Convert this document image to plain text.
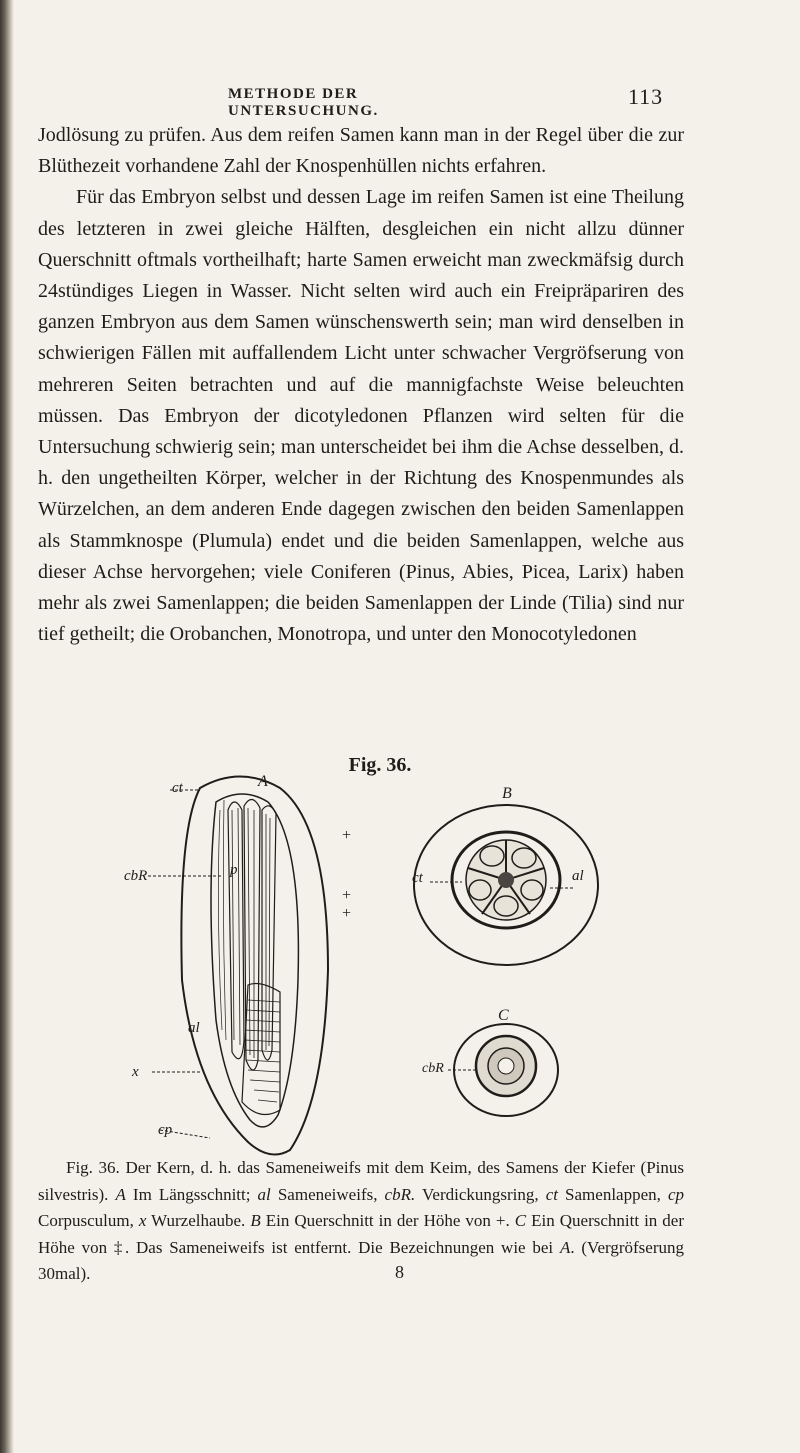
METHODE DER UNTERSUCHUNG.
113

Jodlösung zu prüfen. Aus dem reifen Samen kann man in der Regel über die zur Blüthezeit vorhandene Zahl der Knospenhüllen nichts erfahren.

Für das Embryon selbst und dessen Lage im reifen Samen ist eine Theilung des letzteren in zwei gleiche Hälften, desgleichen ein nicht allzu dünner Querschnitt oftmals vortheilhaft; harte Samen erweicht man zweckmäfsig durch 24stündiges Liegen in Wasser. Nicht selten wird auch ein Freipräpariren des ganzen Embryon aus dem Samen wünschenswerth sein; man wird denselben in schwierigen Fällen mit auffallendem Licht unter schwacher Vergröfserung von mehreren Seiten betrachten und auf die mannigfachste Weise beleuchten müssen. Das Embryon der dicotyledonen Pflanzen wird selten für die Untersuchung schwierig sein; man unterscheidet bei ihm die Achse desselben, d. h. den ungetheilten Körper, welcher in der Richtung des Knospenmundes als Würzelchen, an dem anderen Ende dagegen zwischen den beiden Samenlappen als Stammknospe (Plumula) endet und die beiden Samenlappen, welche aus dieser Achse hervorgehen; viele Coniferen (Pinus, Abies, Picea, Larix) haben mehr als zwei Samenlappen; die beiden Samenlappen der Linde (Tilia) sind nur tief getheilt; die Orobanchen, Monotropa, und unter den Monocotyledonen

Fig. 36.
A
ct
cbR	p
al
x
cp
+
+
+
B
ct	al
C
cbR
Fig. 36. Der Kern, d. h. das Sameneiweifs mit dem Keim, des Samens der Kiefer (Pinus silvestris). A Im Längsschnitt; al Sameneiweifs, cbR. Verdickungsring, ct Samenlappen, cp Corpusculum, x Wurzelhaube. B Ein Querschnitt in der Höhe von +. C Ein Querschnitt in der Höhe von ‡. Das Sameneiweifs ist entfernt. Die Bezeichnungen wie bei A. (Vergröfserung 30mal).	8
